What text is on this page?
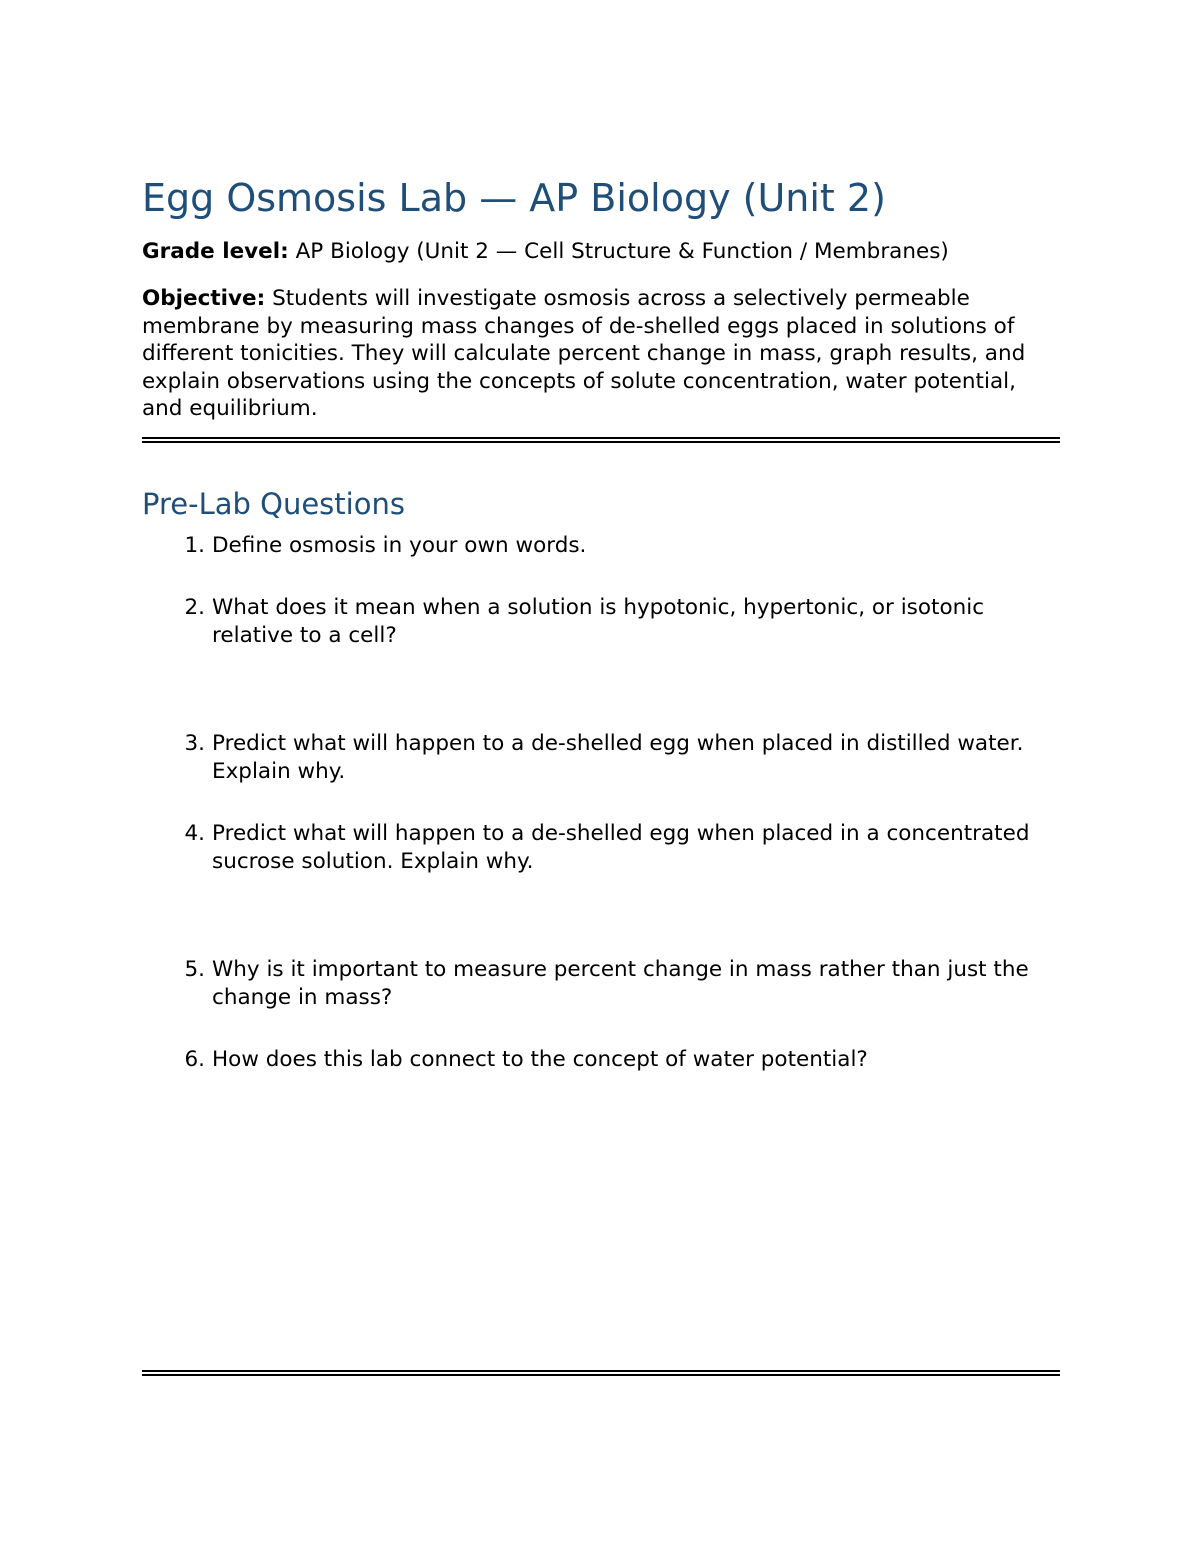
Egg Osmosis Lab — AP Biology (Unit 2)

Grade level: AP Biology (Unit 2 — Cell Structure & Function / Membranes)

Objective: Students will investigate osmosis across a selectively permeable membrane by measuring mass changes of de-shelled eggs placed in solutions of different tonicities. They will calculate percent change in mass, graph results, and explain observations using the concepts of solute concentration, water potential, and equilibrium.

Pre-Lab Questions
1. Define osmosis in your own words.
2. What does it mean when a solution is hypotonic, hypertonic, or isotonic relative to a cell?
3. Predict what will happen to a de-shelled egg when placed in distilled water. Explain why.
4. Predict what will happen to a de-shelled egg when placed in a concentrated sucrose solution. Explain why.
5. Why is it important to measure percent change in mass rather than just the change in mass?
6. How does this lab connect to the concept of water potential?
